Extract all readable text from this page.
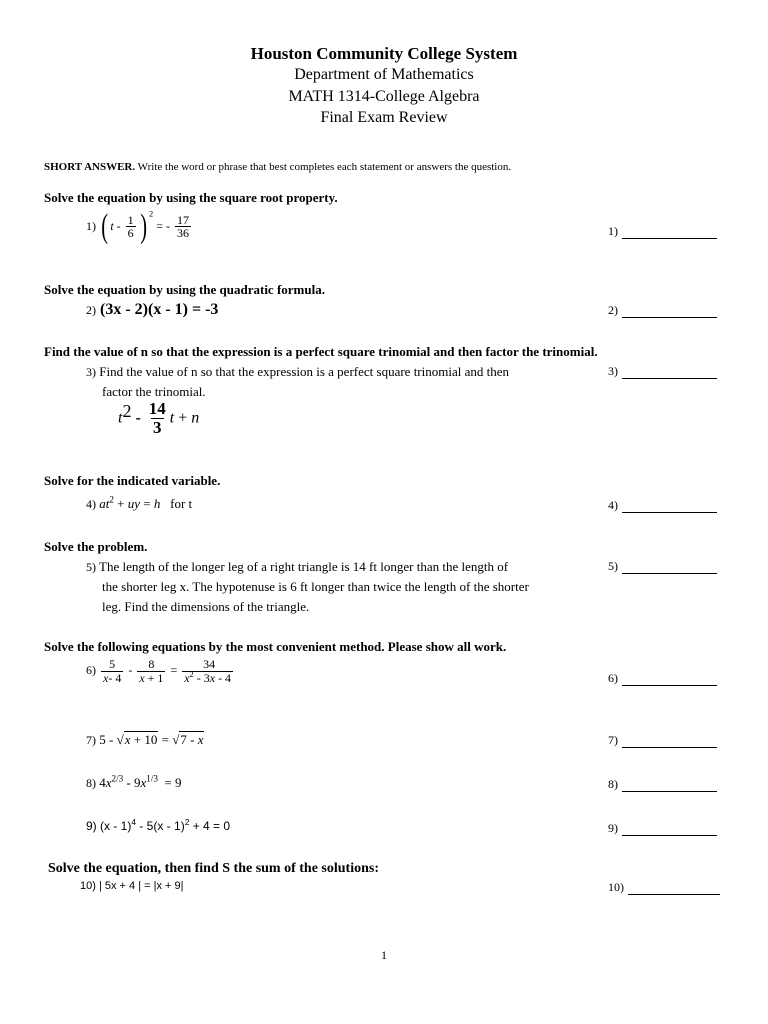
Houston Community College System
Department of Mathematics
MATH 1314-College Algebra
Final Exam Review
SHORT ANSWER. Write the word or phrase that best completes each statement or answers the question.
Solve the equation by using the square root property.
1) ( t - $\frac{1}{6}$ ) $^2$ = - $\frac{17}{36}$	1)
Solve the equation by using the quadratic formula.
2) (3x - 2)(x - 1) = -3	2)
Find the value of n so that the expression is a perfect square trinomial and then factor the trinomial.
3) Find the value of n so that the expression is a perfect square trinomial and then
factor the trinomial.
$t^2 - \frac{14}{3}$ t + n
3)
Solve for the indicated variable.
4) $at^2$ + uy = h for t	4)
Solve the problem.
5) The length of the longer leg of a right triangle is 14 ft longer than the length of
the shorter leg x. The hypotenuse is 6 ft longer than twice the length of the shorter
leg. Find the dimensions of the triangle.
5)
Solve the following equations by the most convenient method. Please show all work.
$6) \frac{5}{x- 4} - \frac{8}{x + 1} = \frac{34}{x^2 - 3x - 4}$	6)
7) 5 - √x + 10 = √7 - x	7)
8) $4x^{2/3} - 9x^{1/3} = 9$	8)
9) (x - 1)$^4$ - 5(x - 1)$^2$ + 4 = 0	9)
Solve the equation, then find S the sum of the solutions:
10) | 5x + 4 | = |x + 9|	10)
1
